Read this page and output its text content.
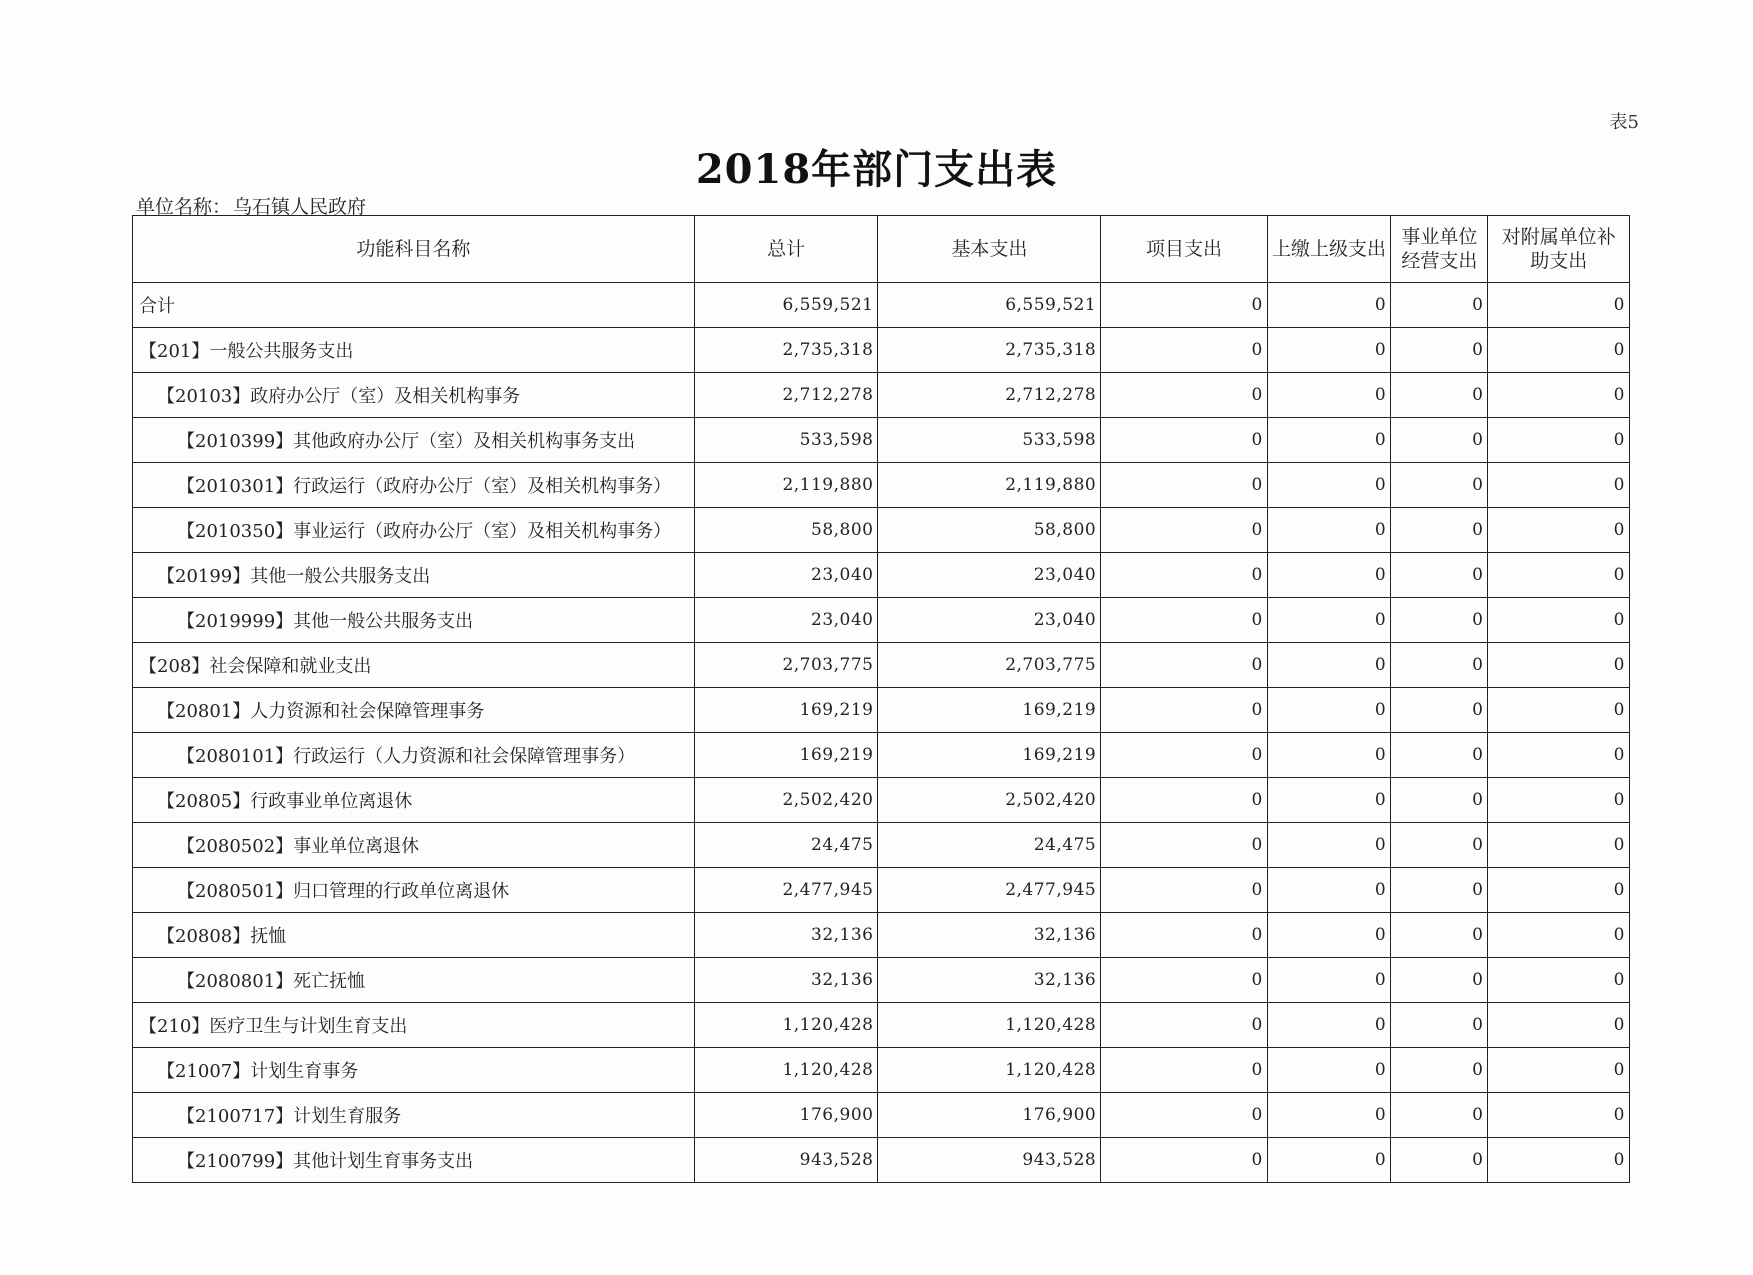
表5
2018年部门支出表
单位名称： 乌石镇人民政府
功能科目名称	总计	基本支出	项目支出	上缴上级支出	事业单位经营支出	对附属单位补助支出
合计	6,559,521	6,559,521	0	0	0	0
【201】一般公共服务支出	2,735,318	2,735,318	0	0	0	0
【20103】政府办公厅（室）及相关机构事务	2,712,278	2,712,278	0	0	0	0
【2010399】其他政府办公厅（室）及相关机构事务支出	533,598	533,598	0	0	0	0
【2010301】行政运行（政府办公厅（室）及相关机构事务）	2,119,880	2,119,880	0	0	0	0
【2010350】事业运行（政府办公厅（室）及相关机构事务）	58,800	58,800	0	0	0	0
【20199】其他一般公共服务支出	23,040	23,040	0	0	0	0
【2019999】其他一般公共服务支出	23,040	23,040	0	0	0	0
【208】社会保障和就业支出	2,703,775	2,703,775	0	0	0	0
【20801】人力资源和社会保障管理事务	169,219	169,219	0	0	0	0
【2080101】行政运行（人力资源和社会保障管理事务）	169,219	169,219	0	0	0	0
【20805】行政事业单位离退休	2,502,420	2,502,420	0	0	0	0
【2080502】事业单位离退休	24,475	24,475	0	0	0	0
【2080501】归口管理的行政单位离退休	2,477,945	2,477,945	0	0	0	0
【20808】抚恤	32,136	32,136	0	0	0	0
【2080801】死亡抚恤	32,136	32,136	0	0	0	0
【210】医疗卫生与计划生育支出	1,120,428	1,120,428	0	0	0	0
【21007】计划生育事务	1,120,428	1,120,428	0	0	0	0
【2100717】计划生育服务	176,900	176,900	0	0	0	0
【2100799】其他计划生育事务支出	943,528	943,528	0	0	0	0
